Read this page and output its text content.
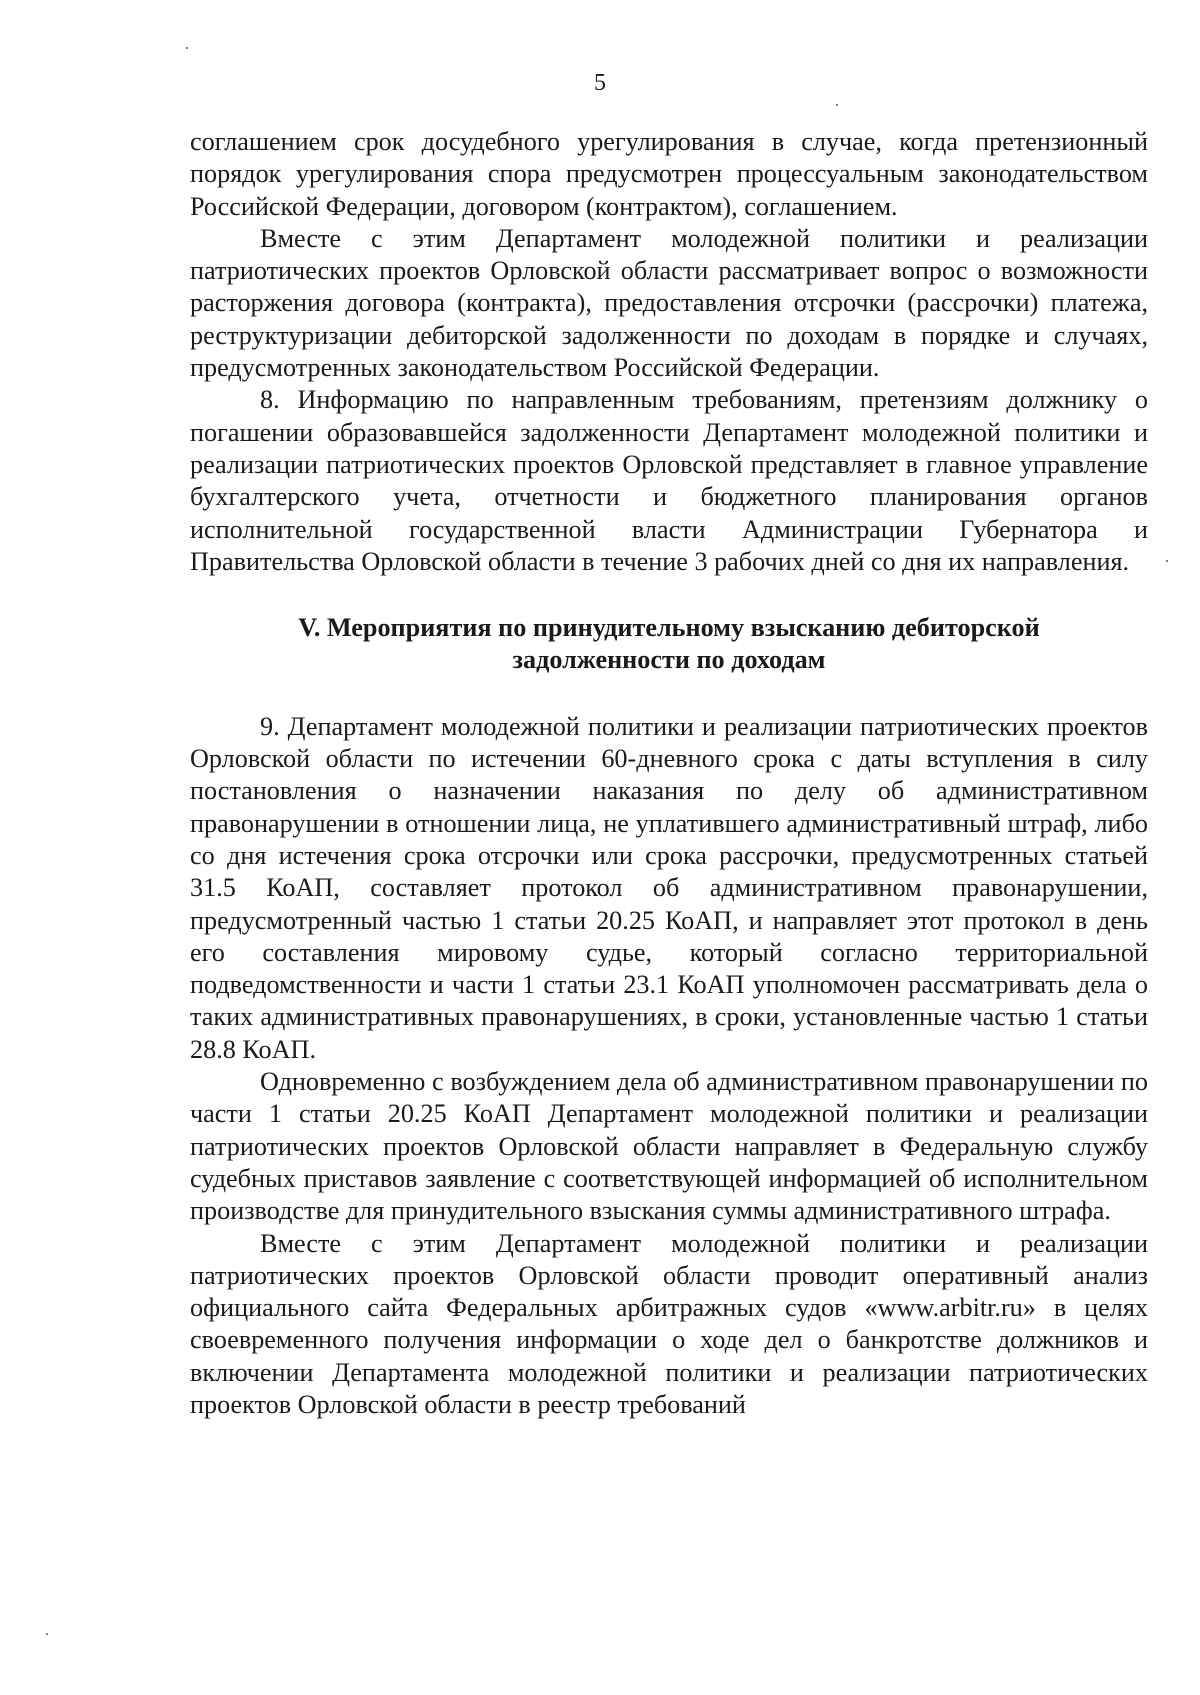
5

соглашением срок досудебного урегулирования в случае, когда претензионный порядок урегулирования спора предусмотрен процессуальным законодательством Российской Федерации, договором (контрактом), соглашением.

Вместе с этим Департамент молодежной политики и реализации патриотических проектов Орловской области рассматривает вопрос о возможности расторжения договора (контракта), предоставления отсрочки (рассрочки) платежа, реструктуризации дебиторской задолженности по доходам в порядке и случаях, предусмотренных законодательством Российской Федерации.

8. Информацию по направленным требованиям, претензиям должнику о погашении образовавшейся задолженности Департамент молодежной политики и реализации патриотических проектов Орловской представляет в главное управление бухгалтерского учета, отчетности и бюджетного планирования органов исполнительной государственной власти Администрации Губернатора и Правительства Орловской области в течение 3 рабочих дней со дня их направления.

V. Мероприятия по принудительному взысканию дебиторской
задолженности по доходам

9. Департамент молодежной политики и реализации патриотических проектов Орловской области по истечении 60-дневного срока с даты вступления в силу постановления о назначении наказания по делу об административном правонарушении в отношении лица, не уплатившего административный штраф, либо со дня истечения срока отсрочки или срока рассрочки, предусмотренных статьей 31.5 КоАП, составляет протокол об административном правонарушении, предусмотренный частью 1 статьи 20.25 КоАП, и направляет этот протокол в день его составления мировому судье, который согласно территориальной подведомственности и части 1 статьи 23.1 КоАП уполномочен рассматривать дела о таких административных правонарушениях, в сроки, установленные частью 1 статьи 28.8 КоАП.

Одновременно с возбуждением дела об административном правонарушении по части 1 статьи 20.25 КоАП Департамент молодежной политики и реализации патриотических проектов Орловской области направляет в Федеральную службу судебных приставов заявление с соответствующей информацией об исполнительном производстве для принудительного взыскания суммы административного штрафа.

Вместе с этим Департамент молодежной политики и реализации патриотических проектов Орловской области проводит оперативный анализ официального сайта Федеральных арбитражных судов «www.arbitr.ru» в целях своевременного получения информации о ходе дел о банкротстве должников и включении Департамента молодежной политики и реализации патриотических проектов Орловской области в реестр требований
